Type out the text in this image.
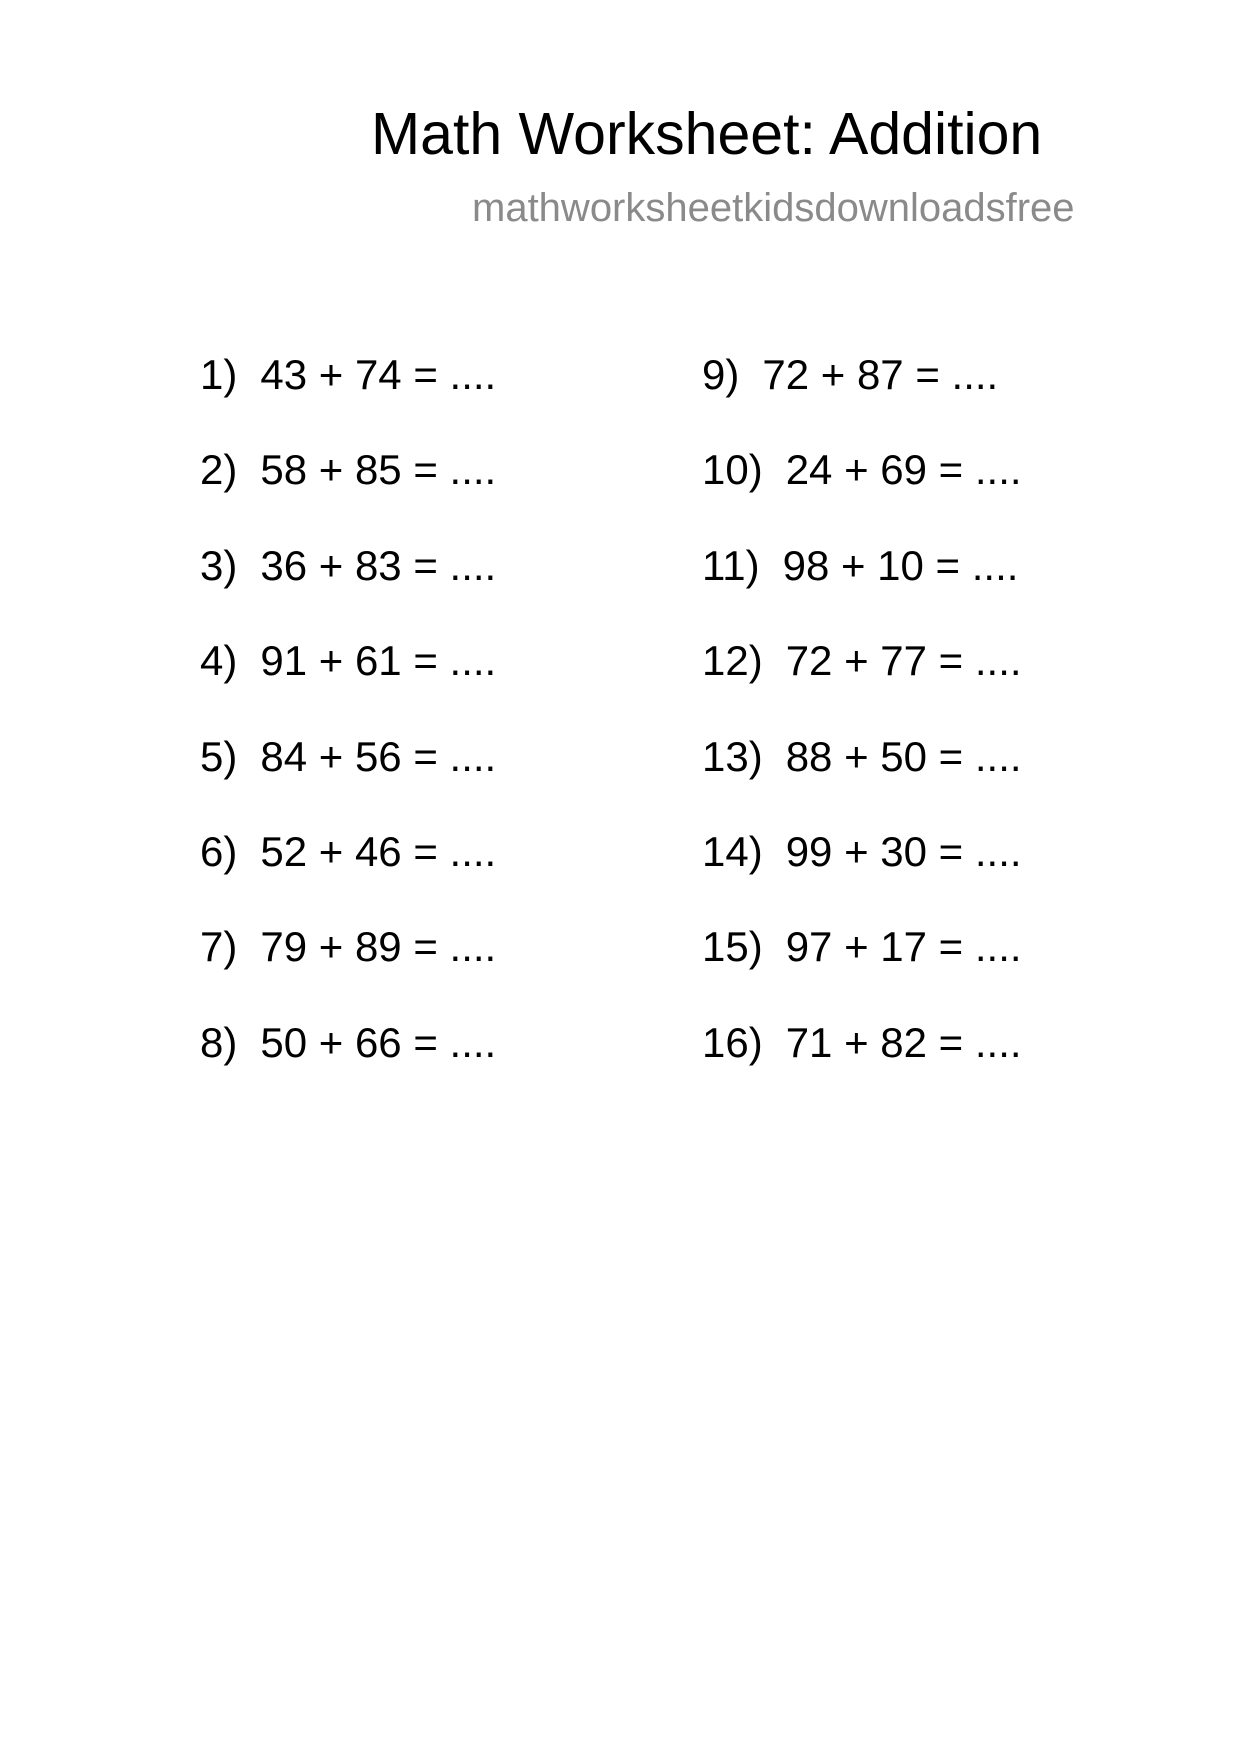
Math Worksheet: Addition
mathworksheetkidsdownloadsfree
1) 43 + 74 = ....
2) 58 + 85 = ....
3) 36 + 83 = ....
4) 91 + 61 = ....
5) 84 + 56 = ....
6) 52 + 46 = ....
7) 79 + 89 = ....
8) 50 + 66 = ....
9) 72 + 87 = ....
10) 24 + 69 = ....
11) 98 + 10 = ....
12) 72 + 77 = ....
13) 88 + 50 = ....
14) 99 + 30 = ....
15) 97 + 17 = ....
16) 71 + 82 = ....
